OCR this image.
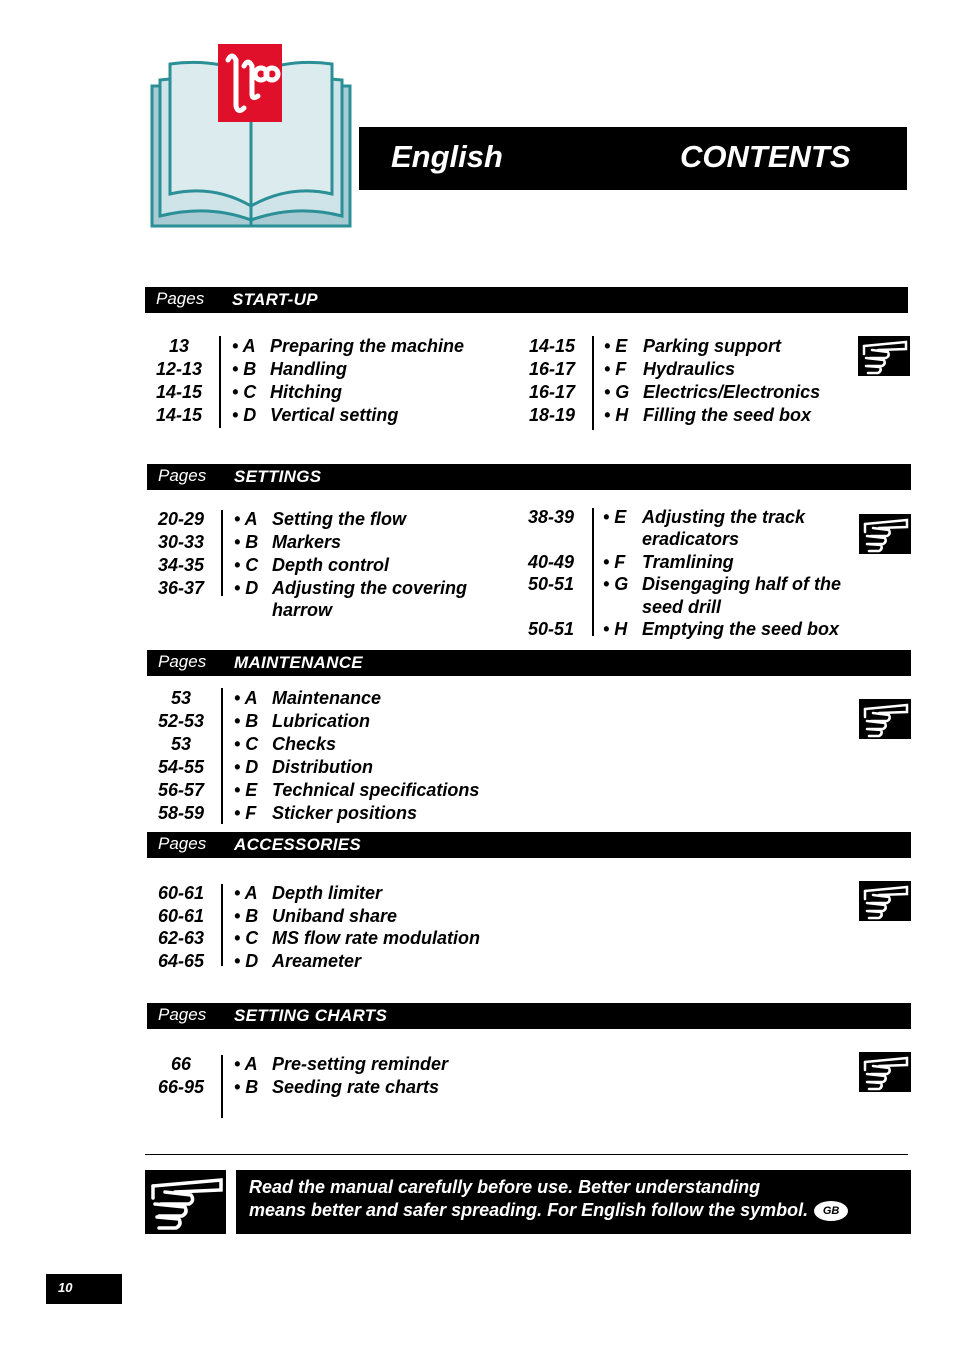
English	CONTENTS
Pages START-UP
13	• A Preparing the machine
12-13	• B Handling
14-15	• C Hitching
14-15	• D Vertical setting
14-15	• E Parking support
16-17	• F Hydraulics
16-17	• G Electrics/Electronics
18-19	• H Filling the seed box
Pages SETTINGS
20-29	• A Setting the flow
30-33	• B Markers
34-35	• C Depth control
36-37	• D Adjusting the covering
harrow
38-39	• E Adjusting the track
eradicators
40-49	• F Tramlining
50-51	• G Disengaging half of the
seed drill
50-51	• H Emptying the seed box
Pages MAINTENANCE
53	• A Maintenance
52-53	• B Lubrication
53	• C Checks
54-55	• D Distribution
56-57	• E Technical specifications
58-59	• F Sticker positions
Pages ACCESSORIES
60-61	• A Depth limiter
60-61	• B Uniband share
62-63	• C MS flow rate modulation
64-65	• D Areameter
Pages SETTING CHARTS
66	• A Pre-setting reminder
66-95	• B Seeding rate charts
Read the manual carefully before use. Better understanding
means better and safer spreading. For English follow the symbol. GB
10
